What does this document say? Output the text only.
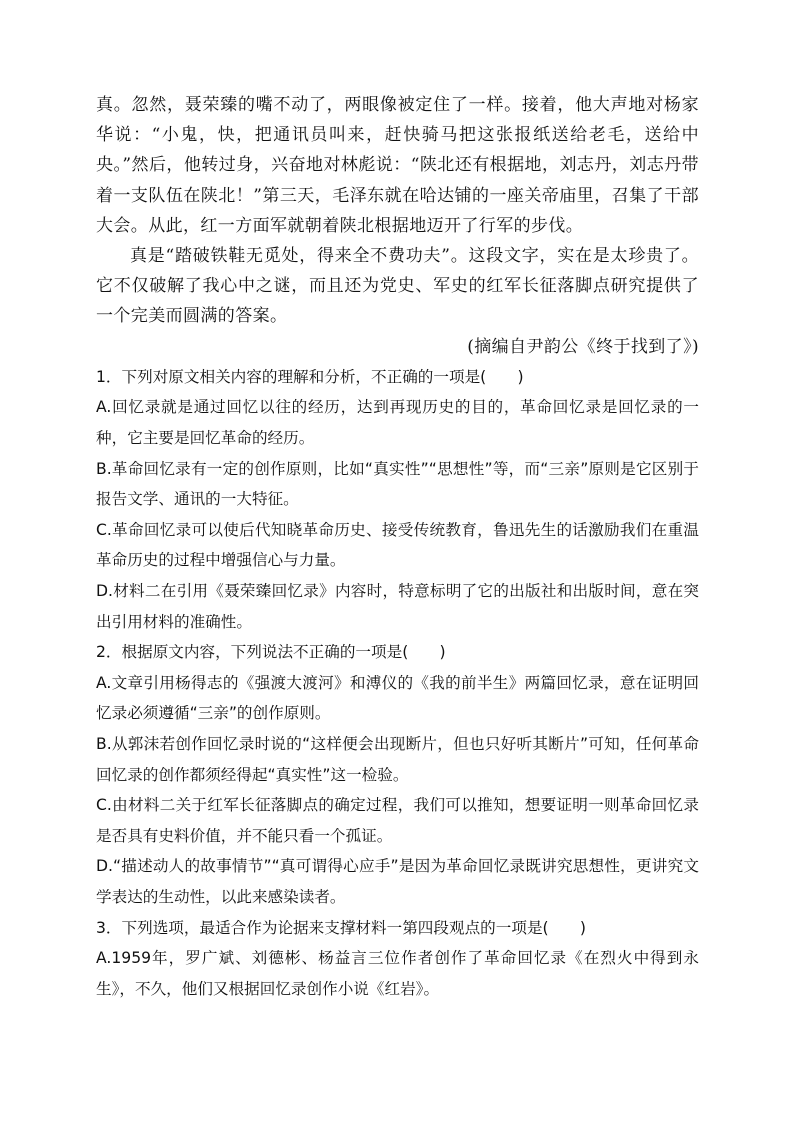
真。忽然，聂荣臻的嘴不动了，两眼像被定住了一样。接着，他大声地对杨家华说：“小鬼，快，把通讯员叫来，赶快骑马把这张报纸送给老毛，送给中央。”然后，他转过身，兴奋地对林彪说：“陕北还有根据地，刘志丹，刘志丹带着一支队伍在陕北！”第三天，毛泽东就在哈达铺的一座关帝庙里，召集了干部大会。从此，红一方面军就朝着陕北根据地迈开了行军的步伐。

真是“踏破铁鞋无觅处，得来全不费功夫”。这段文字，实在是太珍贵了。它不仅破解了我心中之谜，而且还为党史、军史的红军长征落脚点研究提供了一个完美而圆满的答案。

(摘编自尹韵公《终于找到了》)

1．下列对原文相关内容的理解和分析，不正确的一项是(　　)

A.回忆录就是通过回忆以往的经历，达到再现历史的目的，革命回忆录是回忆录的一种，它主要是回忆革命的经历。

B.革命回忆录有一定的创作原则，比如“真实性”“思想性”等，而“三亲”原则是它区别于报告文学、通讯的一大特征。

C.革命回忆录可以使后代知晓革命历史、接受传统教育，鲁迅先生的话激励我们在重温革命历史的过程中增强信心与力量。

D.材料二在引用《聂荣臻回忆录》内容时，特意标明了它的出版社和出版时间，意在突出引用材料的准确性。

2．根据原文内容，下列说法不正确的一项是(　　)

A.文章引用杨得志的《强渡大渡河》和溥仪的《我的前半生》两篇回忆录，意在证明回忆录必须遵循“三亲”的创作原则。

B.从郭沫若创作回忆录时说的“这样便会出现断片，但也只好听其断片”可知，任何革命回忆录的创作都须经得起“真实性”这一检验。

C.由材料二关于红军长征落脚点的确定过程，我们可以推知，想要证明一则革命回忆录是否具有史料价值，并不能只看一个孤证。

D.“描述动人的故事情节”“真可谓得心应手”是因为革命回忆录既讲究思想性，更讲究文学表达的生动性，以此来感染读者。

3．下列选项，最适合作为论据来支撑材料一第四段观点的一项是(　　)

A.1959年，罗广斌、刘德彬、杨益言三位作者创作了革命回忆录《在烈火中得到永生》，不久，他们又根据回忆录创作小说《红岩》。
